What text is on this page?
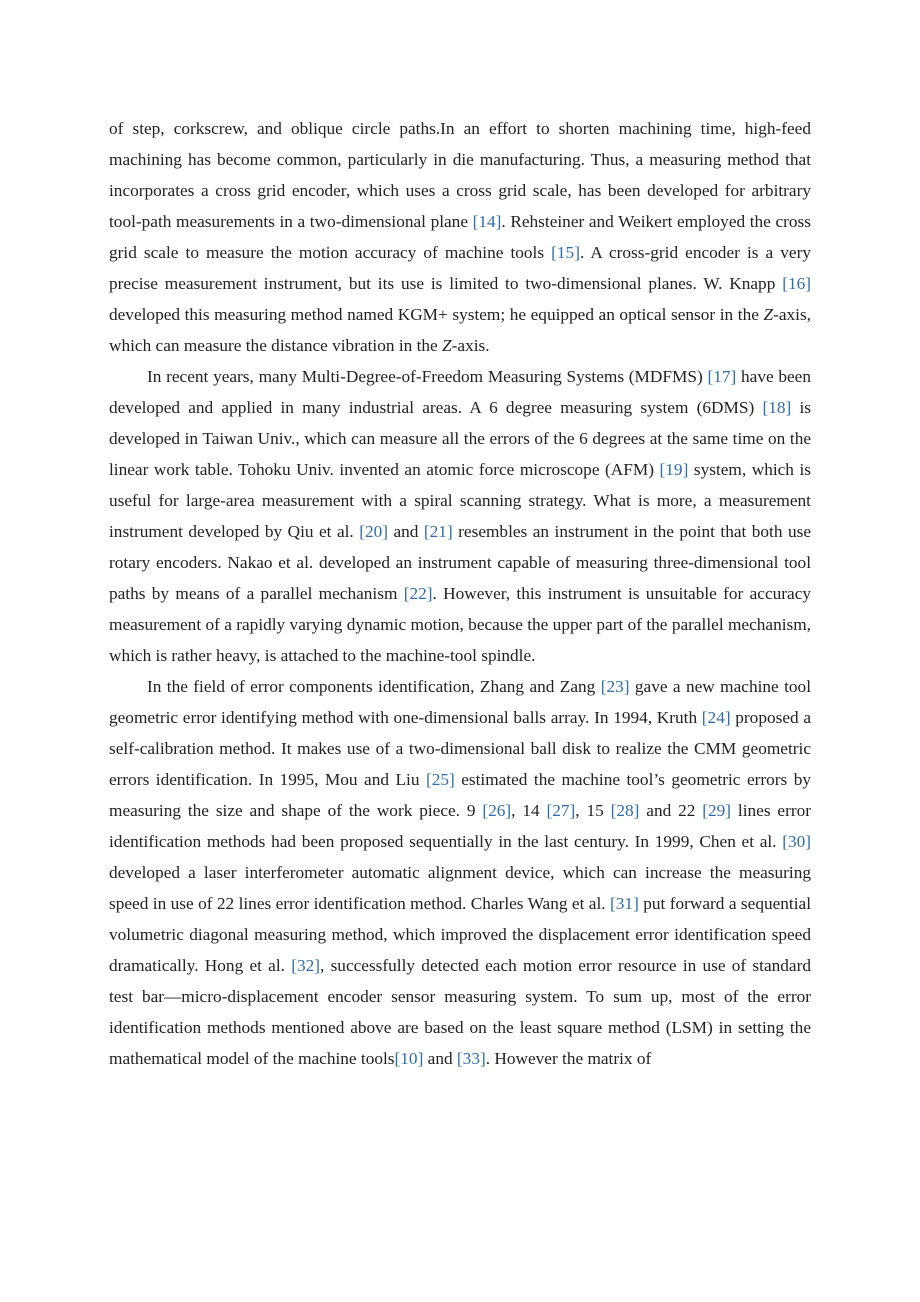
of step, corkscrew, and oblique circle paths.In an effort to shorten machining time, high-feed machining has become common, particularly in die manufacturing. Thus, a measuring method that incorporates a cross grid encoder, which uses a cross grid scale, has been developed for arbitrary tool-path measurements in a two-dimensional plane [14]. Rehsteiner and Weikert employed the cross grid scale to measure the motion accuracy of machine tools [15]. A cross-grid encoder is a very precise measurement instrument, but its use is limited to two-dimensional planes. W. Knapp [16] developed this measuring method named KGM+ system; he equipped an optical sensor in the Z-axis, which can measure the distance vibration in the Z-axis.

In recent years, many Multi-Degree-of-Freedom Measuring Systems (MDFMS) [17] have been developed and applied in many industrial areas. A 6 degree measuring system (6DMS) [18] is developed in Taiwan Univ., which can measure all the errors of the 6 degrees at the same time on the linear work table. Tohoku Univ. invented an atomic force microscope (AFM) [19] system, which is useful for large-area measurement with a spiral scanning strategy. What is more, a measurement instrument developed by Qiu et al. [20] and [21] resembles an instrument in the point that both use rotary encoders. Nakao et al. developed an instrument capable of measuring three-dimensional tool paths by means of a parallel mechanism [22]. However, this instrument is unsuitable for accuracy measurement of a rapidly varying dynamic motion, because the upper part of the parallel mechanism, which is rather heavy, is attached to the machine-tool spindle.

In the field of error components identification, Zhang and Zang [23] gave a new machine tool geometric error identifying method with one-dimensional balls array. In 1994, Kruth [24] proposed a self-calibration method. It makes use of a two-dimensional ball disk to realize the CMM geometric errors identification. In 1995, Mou and Liu [25] estimated the machine tool’s geometric errors by measuring the size and shape of the work piece. 9 [26], 14 [27], 15 [28] and 22 [29] lines error identification methods had been proposed sequentially in the last century. In 1999, Chen et al. [30] developed a laser interferometer automatic alignment device, which can increase the measuring speed in use of 22 lines error identification method. Charles Wang et al. [31] put forward a sequential volumetric diagonal measuring method, which improved the displacement error identification speed dramatically. Hong et al. [32], successfully detected each motion error resource in use of standard test bar—micro-displacement encoder sensor measuring system. To sum up, most of the error identification methods mentioned above are based on the least square method (LSM) in setting the mathematical model of the machine tools[10] and [33]. However the matrix of
